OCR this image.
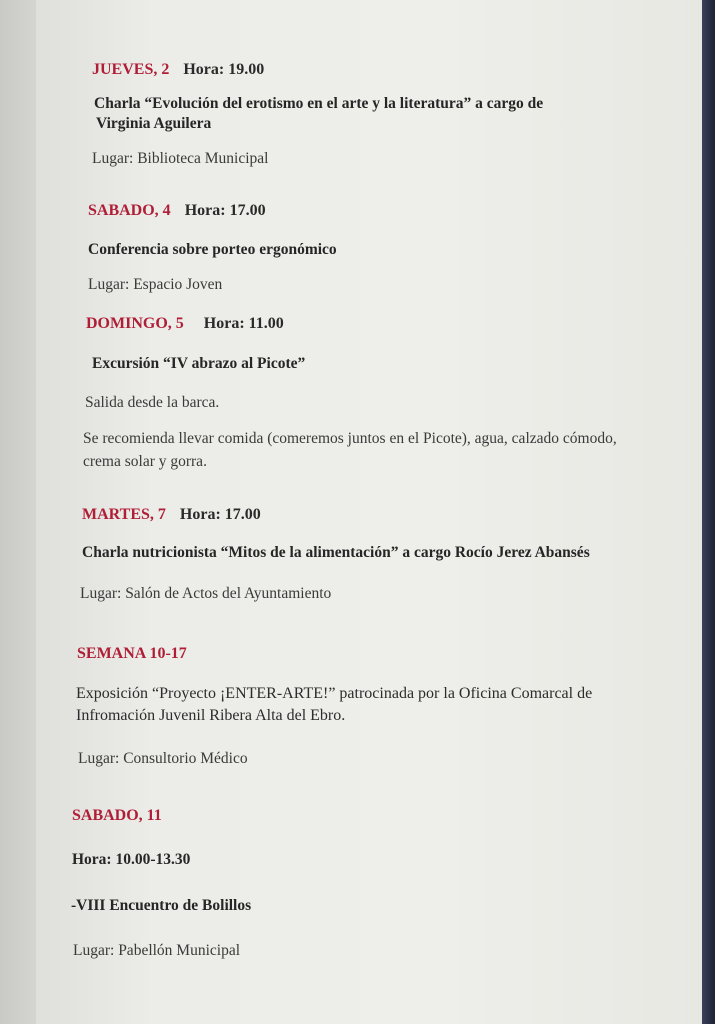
JUEVES, 2 Hora: 19.00
Charla “Evolución del erotismo en el arte y la literatura” a cargo de
Virginia Aguilera
Lugar: Biblioteca Municipal
SABADO, 4 Hora: 17.00
Conferencia sobre porteo ergonómico
Lugar: Espacio Joven
DOMINGO, 5 Hora: 11.00
Excursión “IV abrazo al Picote”
Salida desde la barca.
Se recomienda llevar comida (comeremos juntos en el Picote), agua, calzado cómodo,
crema solar y gorra.
MARTES, 7 Hora: 17.00
Charla nutricionista “Mitos de la alimentación” a cargo Rocío Jerez Abansés
Lugar: Salón de Actos del Ayuntamiento
SEMANA 10-17
Exposición “Proyecto ¡ENTER-ARTE!” patrocinada por la Oficina Comarcal de
Infromación Juvenil Ribera Alta del Ebro.
Lugar: Consultorio Médico
SABADO, 11
Hora: 10.00-13.30
-VIII Encuentro de Bolillos
Lugar: Pabellón Municipal
